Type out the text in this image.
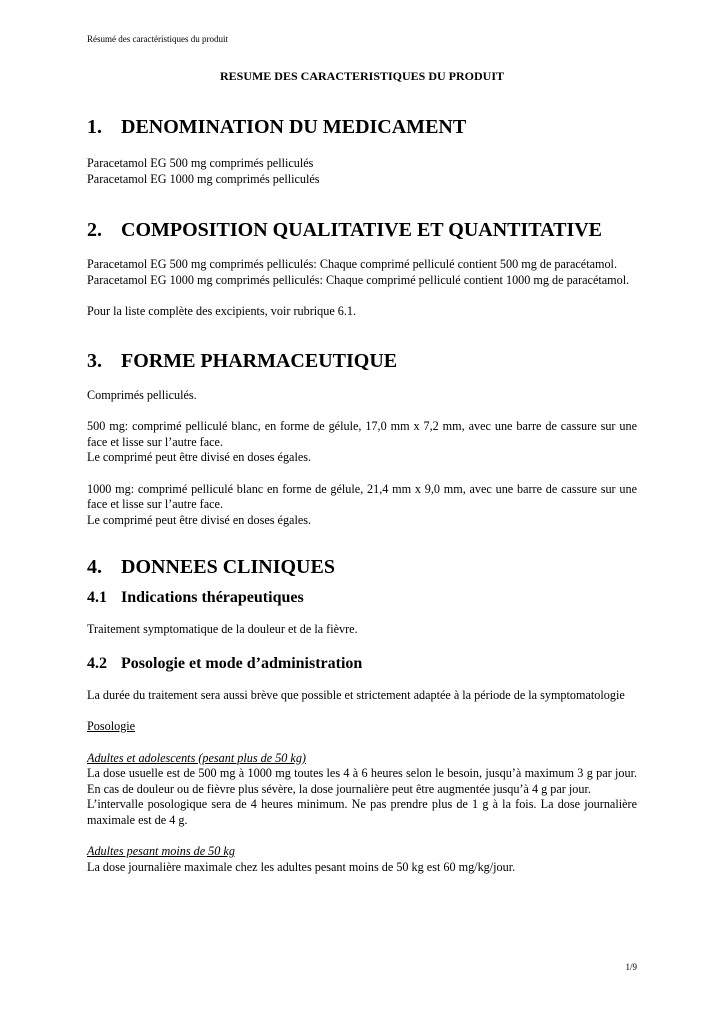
Résumé des caractéristiques du produit
RESUME DES CARACTERISTIQUES DU PRODUIT
1. DENOMINATION DU MEDICAMENT

Paracetamol EG 500 mg comprimés pelliculés

Paracetamol EG 1000 mg comprimés pelliculés

2. COMPOSITION QUALITATIVE ET QUANTITATIVE

Paracetamol EG 500 mg comprimés pelliculés: Chaque comprimé pelliculé contient 500 mg de paracétamol.

Paracetamol EG 1000 mg comprimés pelliculés: Chaque comprimé pelliculé contient 1000 mg de paracétamol.

Pour la liste complète des excipients, voir rubrique 6.1.

3. FORME PHARMACEUTIQUE

Comprimés pelliculés.

500 mg: comprimé pelliculé blanc, en forme de gélule, 17,0 mm x 7,2 mm, avec une barre de cassure sur une face et lisse sur l’autre face.

Le comprimé peut être divisé en doses égales.

1000 mg: comprimé pelliculé blanc en forme de gélule, 21,4 mm x 9,0 mm, avec une barre de cassure sur une face et lisse sur l’autre face.

Le comprimé peut être divisé en doses égales.

4. DONNEES CLINIQUES
4.1 Indications thérapeutiques

Traitement symptomatique de la douleur et de la fièvre.

4.2 Posologie et mode d’administration

La durée du traitement sera aussi brève que possible et strictement adaptée à la période de la symptomatologie

Posologie

Adultes et adolescents (pesant plus de 50 kg)

La dose usuelle est de 500 mg à 1000 mg toutes les 4 à 6 heures selon le besoin, jusqu’à maximum 3 g par jour. En cas de douleur ou de fièvre plus sévère, la dose journalière peut être augmentée jusqu’à 4 g par jour.

L’intervalle posologique sera de 4 heures minimum. Ne pas prendre plus de 1 g à la fois. La dose journalière maximale est de 4 g.

Adultes pesant moins de 50 kg

La dose journalière maximale chez les adultes pesant moins de 50 kg est 60 mg/kg/jour.

1/9
